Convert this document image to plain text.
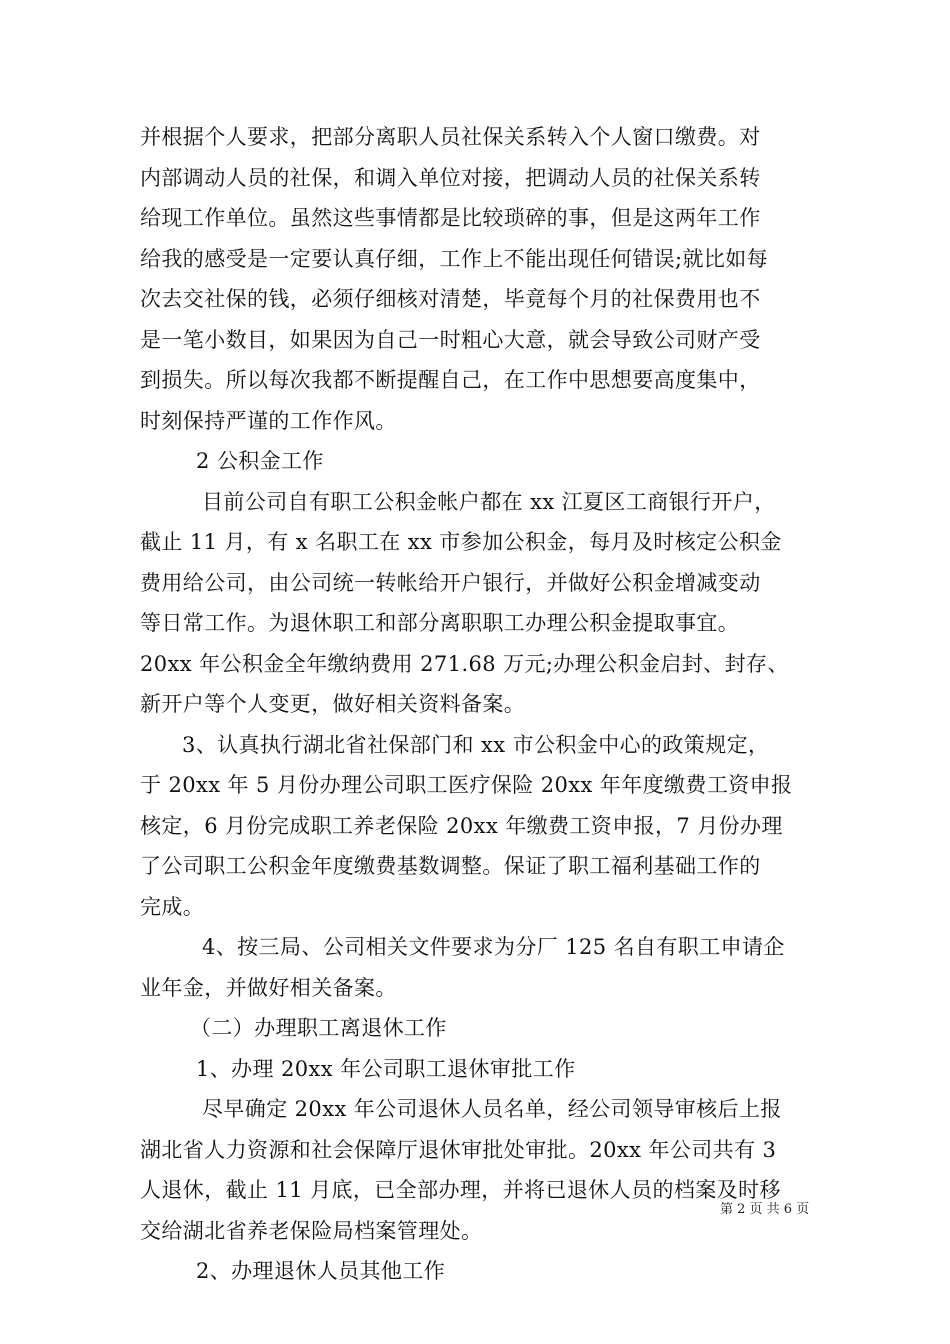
并根据个人要求，把部分离职人员社保关系转入个人窗口缴费。对
内部调动人员的社保，和调入单位对接，把调动人员的社保关系转
给现工作单位。虽然这些事情都是比较琐碎的事，但是这两年工作
给我的感受是一定要认真仔细，工作上不能出现任何错误;就比如每
次去交社保的钱，必须仔细核对清楚，毕竟每个月的社保费用也不
是一笔小数目，如果因为自己一时粗心大意，就会导致公司财产受
到损失。所以每次我都不断提醒自己，在工作中思想要高度集中，
时刻保持严谨的工作作风。
2 公积金工作
目前公司自有职工公积金帐户都在 xx 江夏区工商银行开户，
截止 11 月，有 x 名职工在 xx 市参加公积金，每月及时核定公积金
费用给公司，由公司统一转帐给开户银行，并做好公积金增减变动
等日常工作。为退休职工和部分离职职工办理公积金提取事宜。
20xx 年公积金全年缴纳费用 271.68 万元;办理公积金启封、封存、
新开户等个人变更，做好相关资料备案。
3、认真执行湖北省社保部门和 xx 市公积金中心的政策规定，
于 20xx 年 5 月份办理公司职工医疗保险 20xx 年年度缴费工资申报
核定，6 月份完成职工养老保险 20xx 年缴费工资申报，7 月份办理
了公司职工公积金年度缴费基数调整。保证了职工福利基础工作的
完成。
4、按三局、公司相关文件要求为分厂 125 名自有职工申请企
业年金，并做好相关备案。
（二）办理职工离退休工作
1、办理 20xx 年公司职工退休审批工作
尽早确定 20xx 年公司退休人员名单，经公司领导审核后上报
湖北省人力资源和社会保障厅退休审批处审批。20xx 年公司共有 3
人退休，截止 11 月底，已全部办理，并将已退休人员的档案及时移
交给湖北省养老保险局档案管理处。
2、办理退休人员其他工作
第 2 页 共 6 页
